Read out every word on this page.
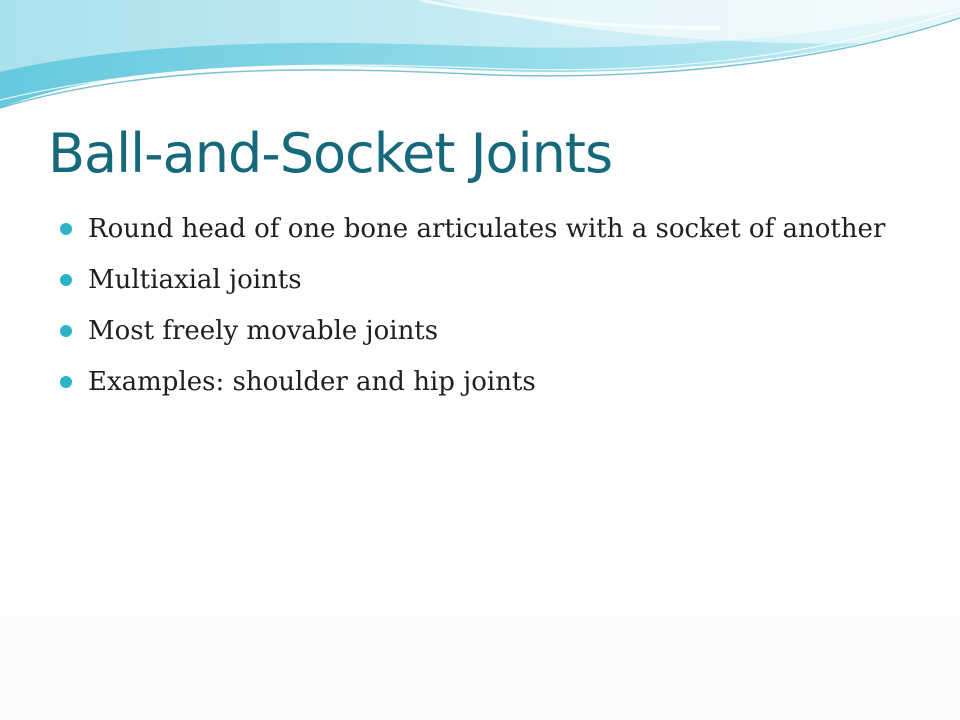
Ball-and-Socket Joints
Round head of one bone articulates with a socket of another
Multiaxial joints
Most freely movable joints
Examples: shoulder and hip joints
